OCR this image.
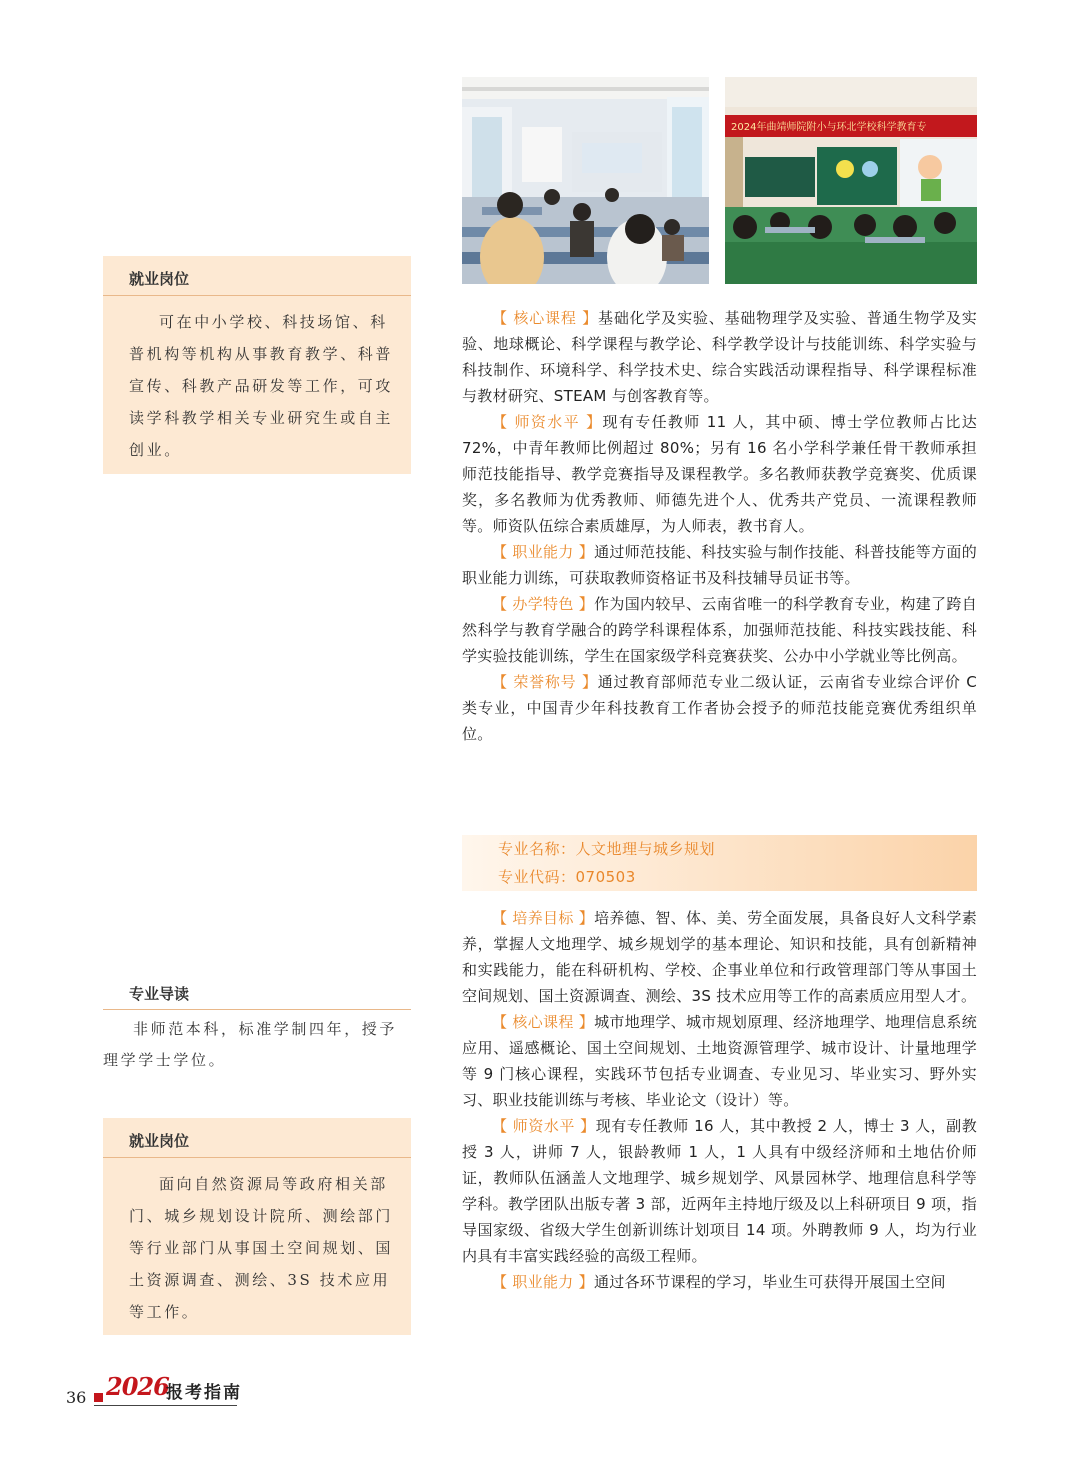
就业岗位
可在中小学校、科技场馆、科普机构等机构从事教育教学、科普宣传、科教产品研发等工作，可攻读学科教学相关专业研究生或自主创业。
专业导读
非师范本科，标准学制四年，授予理学学士学位。
就业岗位
面向自然资源局等政府相关部门、城乡规划设计院所、测绘部门等行业部门从事国土空间规划、国土资源调查、测绘、3S 技术应用等工作。
2024年曲靖师院附小与环北学校科学教育专

【 核心课程 】基础化学及实验、基础物理学及实验、普通生物学及实验、地球概论、科学课程与教学论、科学教学设计与技能训练、科学实验与科技制作、环境科学、科学技术史、综合实践活动课程指导、科学课程标准与教材研究、STEAM 与创客教育等。

【 师资水平 】现有专任教师 11 人，其中硕、博士学位教师占比达 72%，中青年教师比例超过 80%；另有 16 名小学科学兼任骨干教师承担师范技能指导、教学竞赛指导及课程教学。多名教师获教学竞赛奖、优质课奖，多名教师为优秀教师、师德先进个人、优秀共产党员、一流课程教师等。师资队伍综合素质雄厚，为人师表，教书育人。

【 职业能力 】通过师范技能、科技实验与制作技能、科普技能等方面的职业能力训练，可获取教师资格证书及科技辅导员证书等。

【 办学特色 】作为国内较早、云南省唯一的科学教育专业，构建了跨自然科学与教育学融合的跨学科课程体系，加强师范技能、科技实践技能、科学实验技能训练，学生在国家级学科竞赛获奖、公办中小学就业等比例高。

【 荣誉称号 】通过教育部师范专业二级认证，云南省专业综合评价 C 类专业，中国青少年科技教育工作者协会授予的师范技能竞赛优秀组织单位。

专业名称：人文地理与城乡规划
专业代码：070503

【 培养目标 】培养德、智、体、美、劳全面发展，具备良好人文科学素养，掌握人文地理学、城乡规划学的基本理论、知识和技能，具有创新精神和实践能力，能在科研机构、学校、企事业单位和行政管理部门等从事国土空间规划、国土资源调查、测绘、3S 技术应用等工作的高素质应用型人才。

【 核心课程 】城市地理学、城市规划原理、经济地理学、地理信息系统应用、遥感概论、国土空间规划、土地资源管理学、城市设计、计量地理学等 9 门核心课程，实践环节包括专业调查、专业见习、毕业实习、野外实习、职业技能训练与考核、毕业论文（设计）等。

【 师资水平 】现有专任教师 16 人，其中教授 2 人，博士 3 人，副教授 3 人，讲师 7 人，银龄教师 1 人，1 人具有中级经济师和土地估价师证，教师队伍涵盖人文地理学、城乡规划学、风景园林学、地理信息科学等学科。教学团队出版专著 3 部，近两年主持地厅级及以上科研项目 9 项，指导国家级、省级大学生创新训练计划项目 14 项。外聘教师 9 人，均为行业内具有丰富实践经验的高级工程师。

【 职业能力 】通过各环节课程的学习，毕业生可获得开展国土空间

36 2026
报考指南
